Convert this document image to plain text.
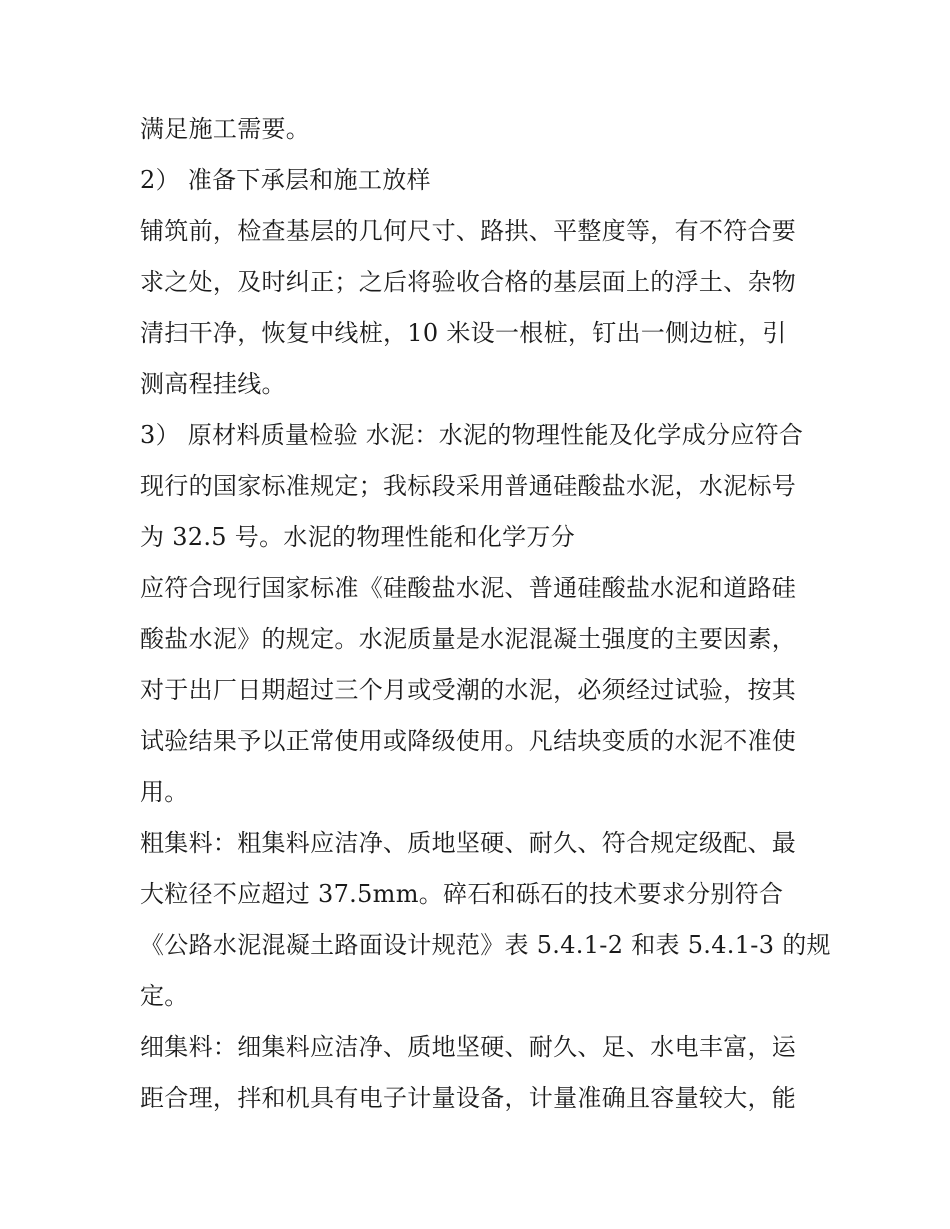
满足施工需要。
2） 准备下承层和施工放样
铺筑前，检查基层的几何尺寸、路拱、平整度等，有不符合要
求之处，及时纠正；之后将验收合格的基层面上的浮土、杂物
清扫干净，恢复中线桩，10 米设一根桩，钉出一侧边桩，引
测高程挂线。
3） 原材料质量检验 水泥：水泥的物理性能及化学成分应符合
现行的国家标准规定；我标段采用普通硅酸盐水泥，水泥标号
为 32.5 号。水泥的物理性能和化学万分
应符合现行国家标准《硅酸盐水泥、普通硅酸盐水泥和道路硅
酸盐水泥》的规定。水泥质量是水泥混凝土强度的主要因素，
对于出厂日期超过三个月或受潮的水泥，必须经过试验，按其
试验结果予以正常使用或降级使用。凡结块变质的水泥不准使
用。
粗集料：粗集料应洁净、质地坚硬、耐久、符合规定级配、最
大粒径不应超过 37.5mm。碎石和砾石的技术要求分别符合
《公路水泥混凝土路面设计规范》表 5.4.1-2 和表 5.4.1-3 的规
定。
细集料：细集料应洁净、质地坚硬、耐久、足、水电丰富，运
距合理，拌和机具有电子计量设备，计量准确且容量较大，能
